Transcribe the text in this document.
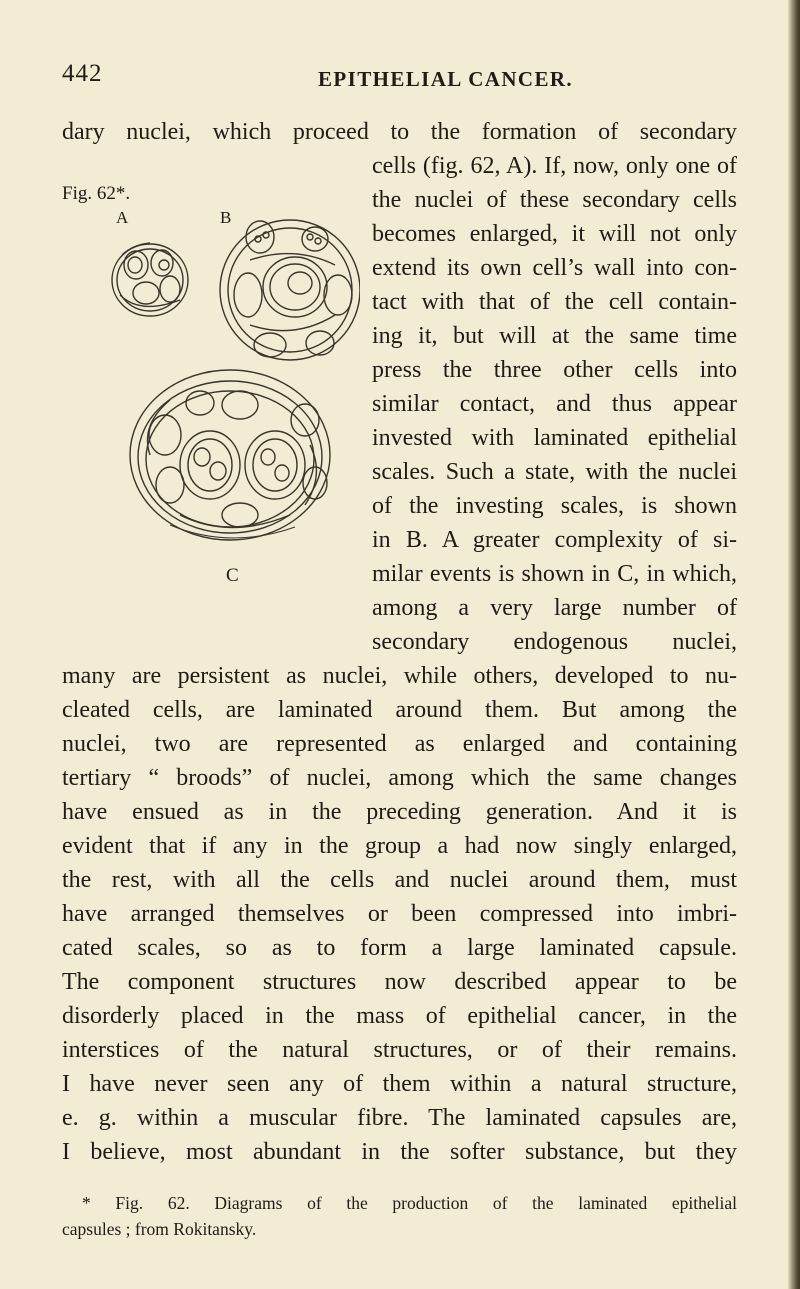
442	EPITHELIAL CANCER.
Fig. 62*.
A	B
C
dary nuclei, which proceed to the formation of secondary
cells (fig. 62, A). If, now, only one of
the nuclei of these secondary cells
becomes enlarged, it will not only
extend its own cell’s wall into con-
tact with that of the cell contain-
ing it, but will at the same time
press the three other cells into
similar contact, and thus appear
invested with laminated epithelial
scales. Such a state, with the nuclei
of the investing scales, is shown
in B. A greater complexity of si-
milar events is shown in C, in which,
among a very large number of
secondary endogenous nuclei,
many are persistent as nuclei, while others, developed to nu-
cleated cells, are laminated around them. But among the
nuclei, two are represented as enlarged and containing
tertiary “ broods” of nuclei, among which the same changes
have ensued as in the preceding generation. And it is
evident that if any in the group a had now singly enlarged,
the rest, with all the cells and nuclei around them, must
have arranged themselves or been compressed into imbri-
cated scales, so as to form a large laminated capsule.
The component structures now described appear to be
disorderly placed in the mass of epithelial cancer, in the
interstices of the natural structures, or of their remains.
I have never seen any of them within a natural structure,
e. g. within a muscular fibre. The laminated capsules are,
I believe, most abundant in the softer substance, but they
* Fig. 62. Diagrams of the production of the laminated epithelial
capsules ; from Rokitansky.
